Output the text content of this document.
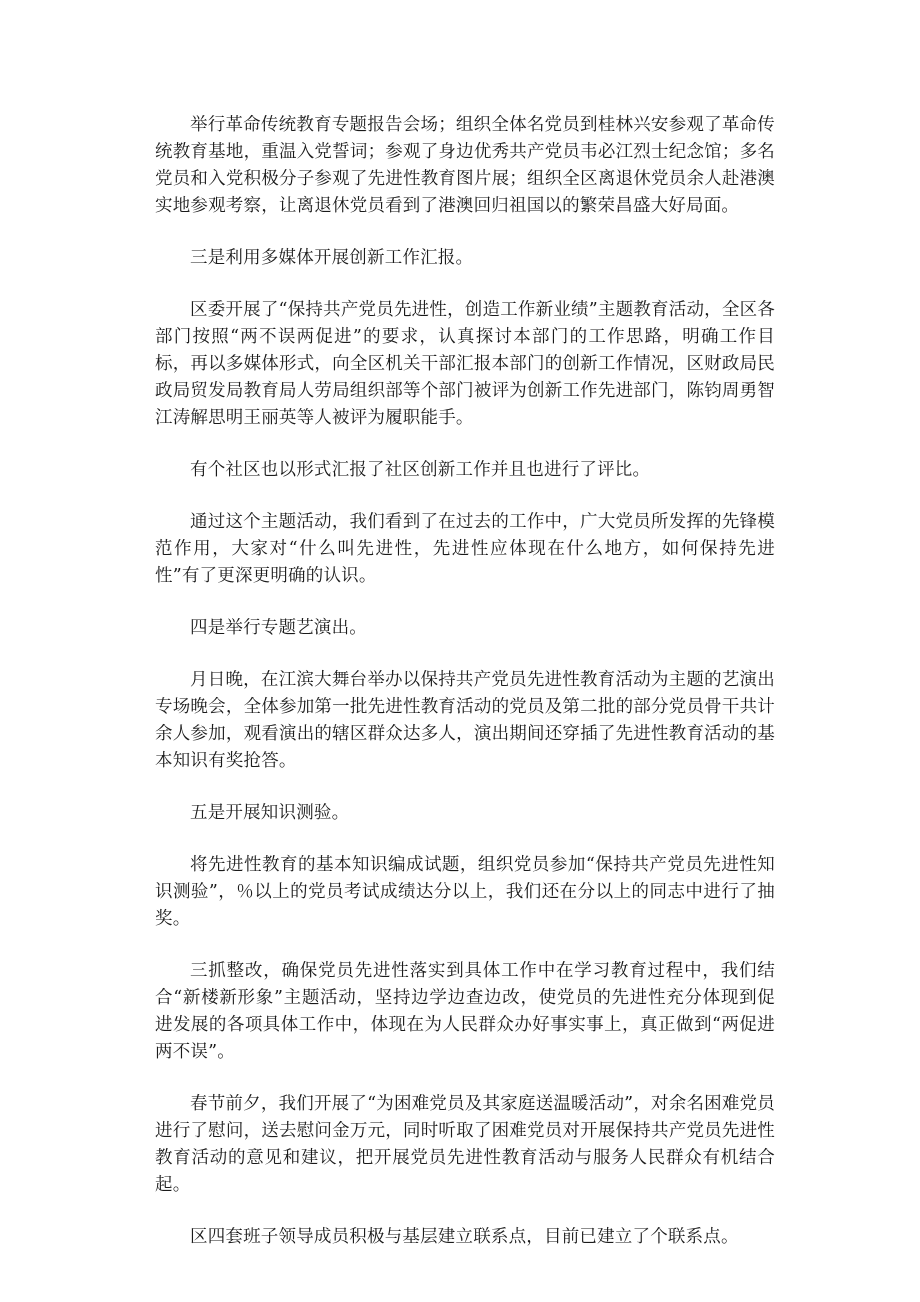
举行革命传统教育专题报告会场；组织全体名党员到桂林兴安参观了革命传统教育基地，重温入党誓词；参观了身边优秀共产党员韦必江烈士纪念馆；多名党员和入党积极分子参观了先进性教育图片展；组织全区离退休党员余人赴港澳实地参观考察，让离退休党员看到了港澳回归祖国以的繁荣昌盛大好局面。

三是利用多媒体开展创新工作汇报。

区委开展了“保持共产党员先进性，创造工作新业绩”主题教育活动，全区各部门按照“两不误两促进”的要求，认真探讨本部门的工作思路，明确工作目标，再以多媒体形式，向全区机关干部汇报本部门的创新工作情况，区财政局民政局贸发局教育局人劳局组织部等个部门被评为创新工作先进部门，陈钧周勇智江涛解思明王丽英等人被评为履职能手。

有个社区也以形式汇报了社区创新工作并且也进行了评比。

通过这个主题活动，我们看到了在过去的工作中，广大党员所发挥的先锋模范作用，大家对“什么叫先进性，先进性应体现在什么地方，如何保持先进性”有了更深更明确的认识。

四是举行专题艺演出。

月日晚，在江滨大舞台举办以保持共产党员先进性教育活动为主题的艺演出专场晚会，全体参加第一批先进性教育活动的党员及第二批的部分党员骨干共计余人参加，观看演出的辖区群众达多人，演出期间还穿插了先进性教育活动的基本知识有奖抢答。

五是开展知识测验。

将先进性教育的基本知识编成试题，组织党员参加“保持共产党员先进性知识测验”，％以上的党员考试成绩达分以上，我们还在分以上的同志中进行了抽奖。

三抓整改，确保党员先进性落实到具体工作中在学习教育过程中，我们结合“新楼新形象”主题活动，坚持边学边查边改，使党员的先进性充分体现到促进发展的各项具体工作中，体现在为人民群众办好事实事上，真正做到“两促进两不误”。

春节前夕，我们开展了“为困难党员及其家庭送温暖活动”，对余名困难党员进行了慰问，送去慰问金万元，同时听取了困难党员对开展保持共产党员先进性教育活动的意见和建议，把开展党员先进性教育活动与服务人民群众有机结合起。

区四套班子领导成员积极与基层建立联系点，目前已建立了个联系点。
